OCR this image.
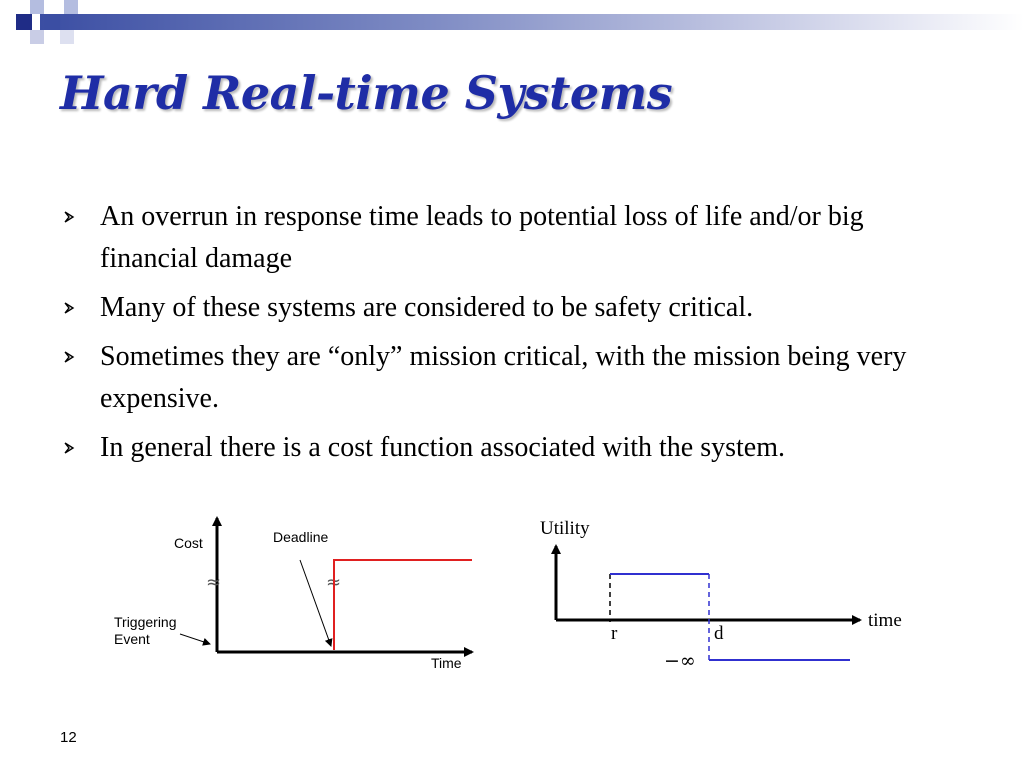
Hard Real-time Systems
An overrun in response time leads to potential loss of life and/or big financial damage
Many of these systems are considered to be safety critical.
Sometimes they are “only” mission critical, with the mission being very expensive.
In general there is a cost function associated with the system.
Cost
Time
Deadline
Triggering
Event
≈	≈
Utility
time
r	d
−∞
12
